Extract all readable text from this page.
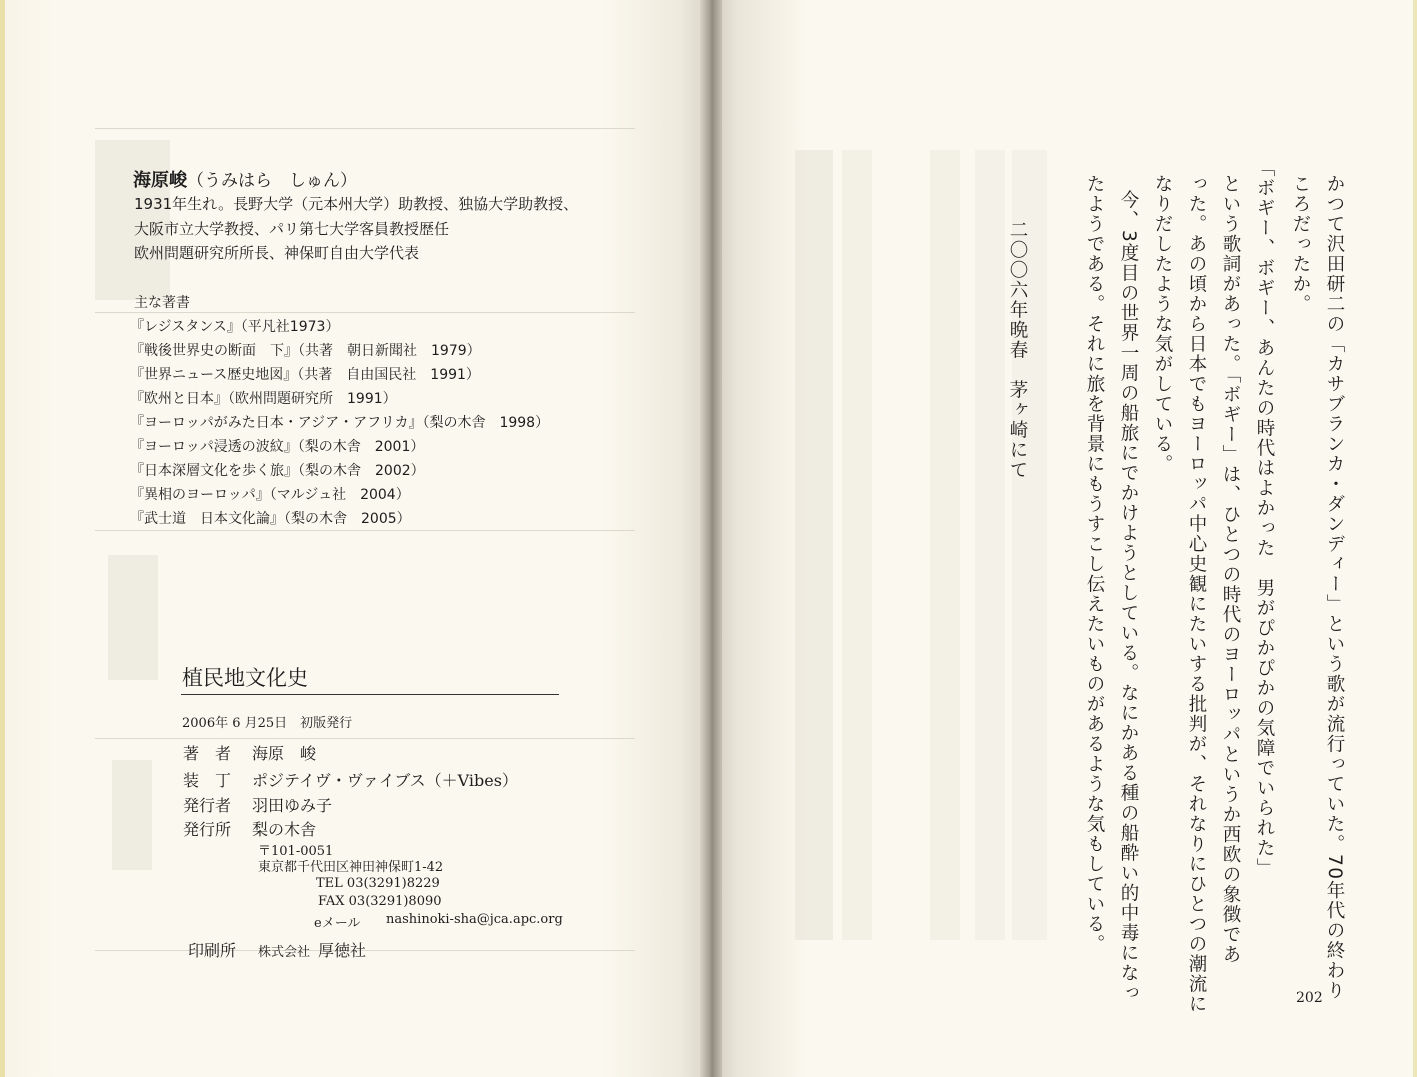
海原峻（うみはら　しゅん）
1931年生れ。長野大学（元本州大学）助教授、独協大学助教授、
大阪市立大学教授、パリ第七大学客員教授歴任
欧州問題研究所所長、神保町自由大学代表
主な著書
『レジスタンス』（平凡社1973）
『戦後世界史の断面　下』（共著　朝日新聞社　1979）
『世界ニュース歴史地図』（共著　自由国民社　1991）
『欧州と日本』（欧州問題研究所　1991）
『ヨーロッパがみた日本・アジア・アフリカ』（梨の木舎　1998）
『ヨーロッパ浸透の波紋』（梨の木舎　2001）
『日本深層文化を歩く旅』（梨の木舎　2002）
『異相のヨーロッパ』（マルジュ社　2004）
『武士道　日本文化論』（梨の木舎　2005）
植民地文化史
2006年 6 月25日　初版発行
著　者 海原　峻
装　丁 ポジテイヴ・ヴァイブス（＋Vibes）
発行者 羽田ゆみ子
発行所 梨の木舎
〒101-0051
東京都千代田区神田神保町1-42
TEL 03(3291)8229
FAX 03(3291)8090
eメール nashinoki-sha@jca.apc.org
印刷所 株式会社 厚徳社	かつて沢田研二の「カサブランカ・ダンディー」という歌が流行っていた。70年代の終わり
ころだったか。
「ボギー、ボギー、あんたの時代はよかった　男がぴかぴかの気障でいられた」
という歌詞があった。「ボギー」は、ひとつの時代のヨーロッパというか西欧の象徴であ
った。あの頃から日本でもヨーロッパ中心史観にたいする批判が、それなりにひとつの潮流に
なりだしたような気がしている。
今、3度目の世界一周の船旅にでかけようとしている。なにかある種の船酔い的中毒になっ
たようである。それに旅を背景にもうすこし伝えたいものがあるような気もしている。
二〇〇六年晩春　茅ヶ崎にて
202
